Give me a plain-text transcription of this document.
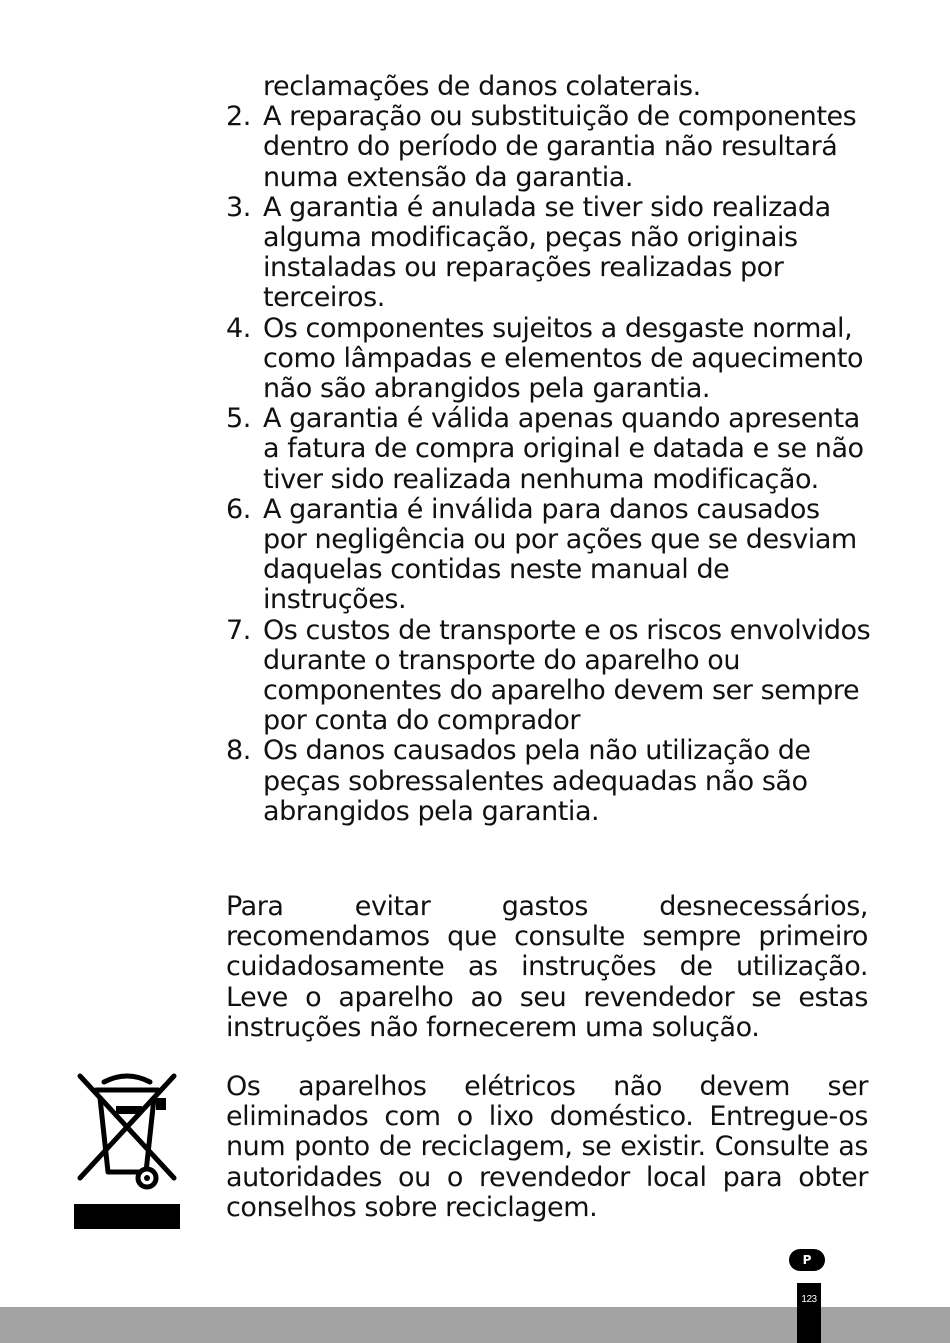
reclamações de danos colaterais.
2. A reparação ou substituição de componentes dentro do período de garantia não resultará numa extensão da garantia.
3. A garantia é anulada se tiver sido realizada alguma modificação, peças não originais instaladas ou reparações realizadas por terceiros.
4. Os componentes sujeitos a desgaste normal, como lâmpadas e elementos de aquecimento não são abrangidos pela garantia.
5. A garantia é válida apenas quando apresenta a fatura de compra original e datada e se não tiver sido realizada nenhuma modificação.
6. A garantia é inválida para danos causados por negligência ou por ações que se desviam daquelas contidas neste manual de instruções.
7. Os custos de transporte e os riscos envolvidos durante o transporte do aparelho ou componentes do aparelho devem ser sempre por conta do comprador
8. Os danos causados pela não utilização de peças sobressalentes adequadas não são abrangidos pela garantia.

Para evitar gastos desnecessários, recomendamos que consulte sempre primeiro cuidadosamente as instruções de utilização. Leve o aparelho ao seu revendedor se estas instruções não fornecerem uma solução.

Os aparelhos elétricos não devem ser eliminados com o lixo doméstico. Entregue-os num ponto de reciclagem, se existir. Consulte as autoridades ou o revendedor local para obter conselhos sobre reciclagem.

P
123
